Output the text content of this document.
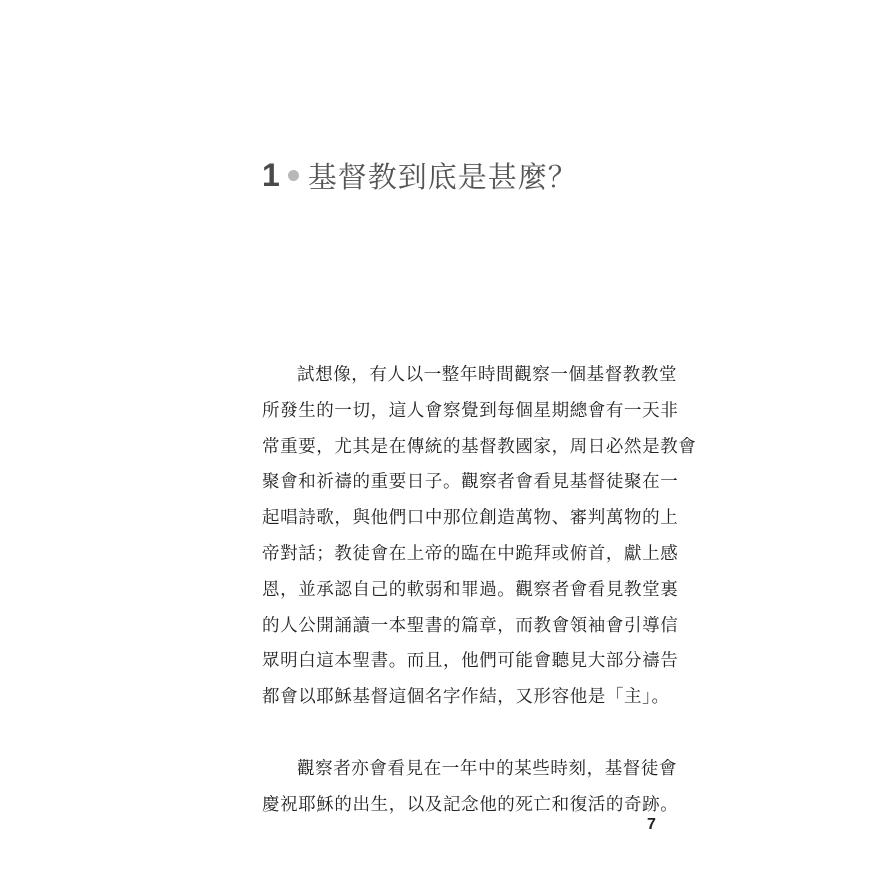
1 基督教到底是甚麼？
試想像，有人以一整年時間觀察一個基督教教堂
所發生的一切，這人會察覺到每個星期總會有一天非
常重要，尤其是在傳統的基督教國家，周日必然是教會
聚會和祈禱的重要日子。觀察者會看見基督徒聚在一
起唱詩歌，與他們口中那位創造萬物、審判萬物的上
帝對話；教徒會在上帝的臨在中跪拜或俯首，獻上感
恩，並承認自己的軟弱和罪過。觀察者會看見教堂裏
的人公開誦讀一本聖書的篇章，而教會領袖會引導信
眾明白這本聖書。而且，他們可能會聽見大部分禱告
都會以耶穌基督這個名字作結，又形容他是「主」。
觀察者亦會看見在一年中的某些時刻，基督徒會
慶祝耶穌的出生，以及記念他的死亡和復活的奇跡。
7
